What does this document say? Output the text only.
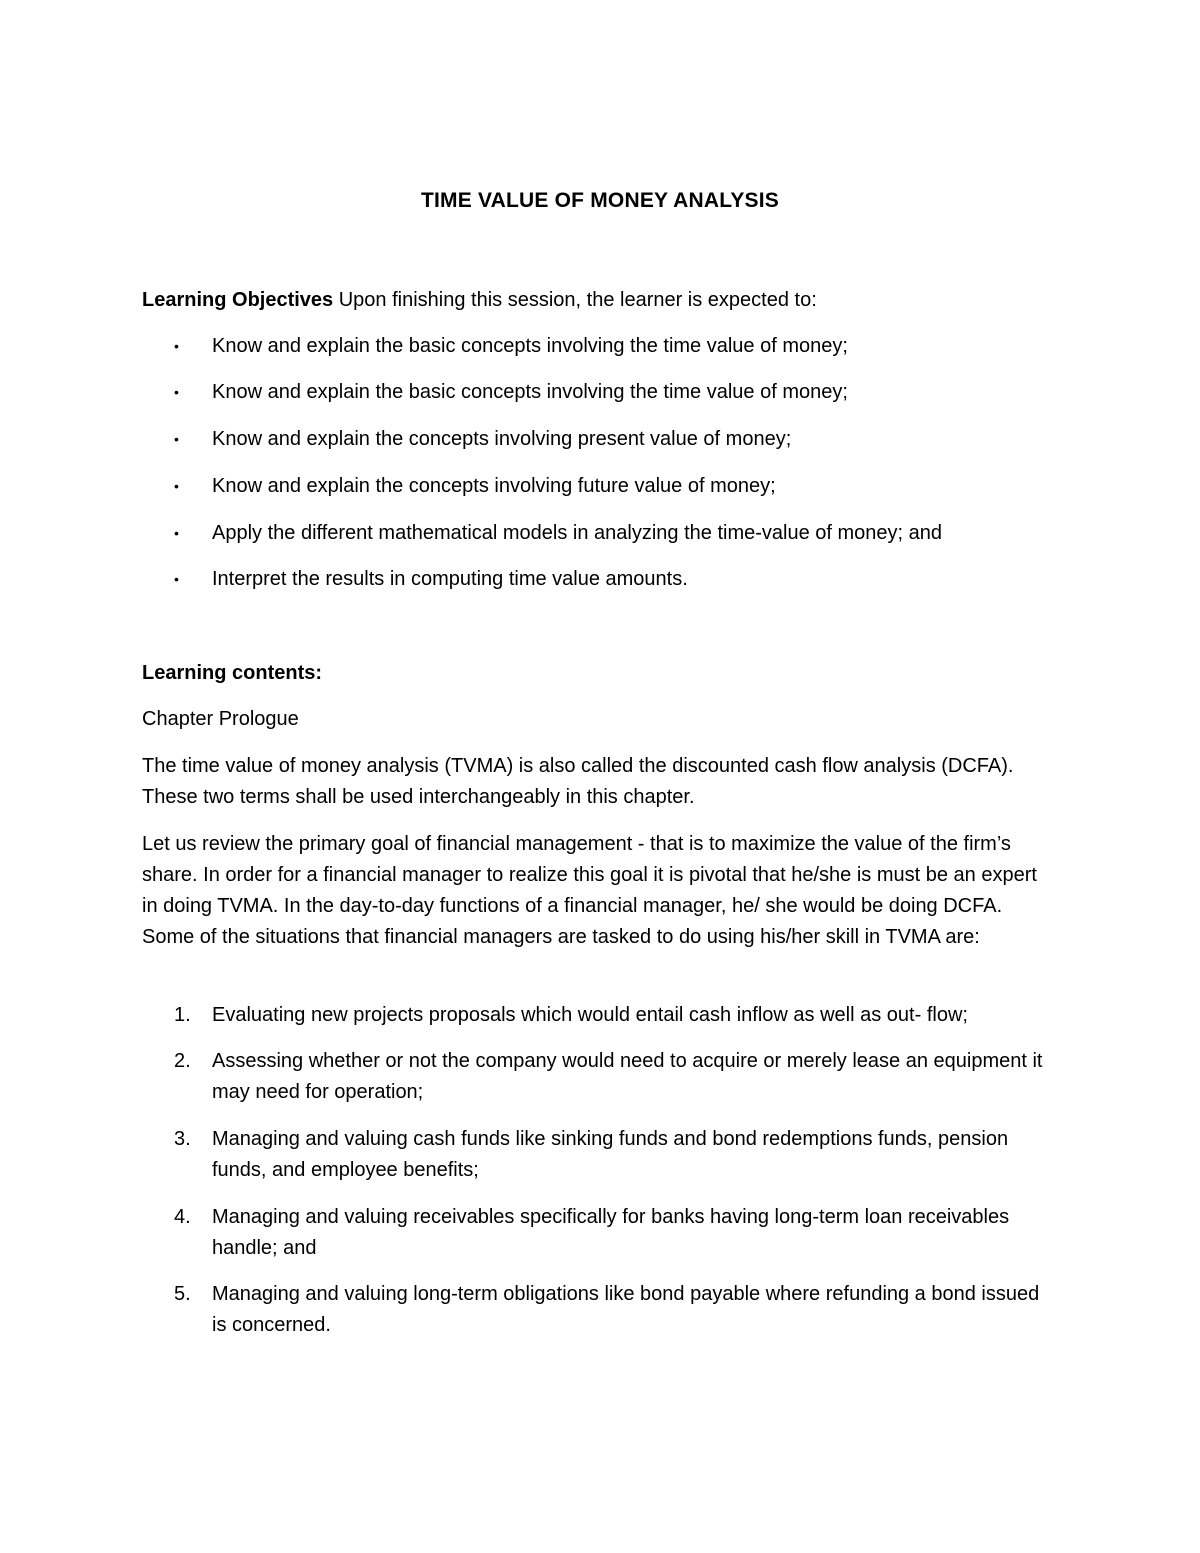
TIME VALUE OF MONEY ANALYSIS
Learning Objectives Upon finishing this session, the learner is expected to:
• Know and explain the basic concepts involving the time value of money;
• Know and explain the basic concepts involving the time value of money;
• Know and explain the concepts involving present value of money;
• Know and explain the concepts involving future value of money;
• Apply the different mathematical models in analyzing the time-value of money; and
• Interpret the results in computing time value amounts.
Learning contents:
Chapter Prologue
The time value of money analysis (TVMA) is also called the discounted cash flow analysis (DCFA). These two terms shall be used interchangeably in this chapter.
Let us review the primary goal of financial management - that is to maximize the value of the firm’s share. In order for a financial manager to realize this goal it is pivotal that he/she is must be an expert in doing TVMA. In the day-to-day functions of a financial manager, he/ she would be doing DCFA. Some of the situations that financial managers are tasked to do using his/her skill in TVMA are:
1. Evaluating new projects proposals which would entail cash inflow as well as out- flow;
2. Assessing whether or not the company would need to acquire or merely lease an equipment it may need for operation;
3. Managing and valuing cash funds like sinking funds and bond redemptions funds, pension funds, and employee benefits;
4. Managing and valuing receivables specifically for banks having long-term loan receivables handle; and
5. Managing and valuing long-term obligations like bond payable where refunding a bond issued is concerned.
